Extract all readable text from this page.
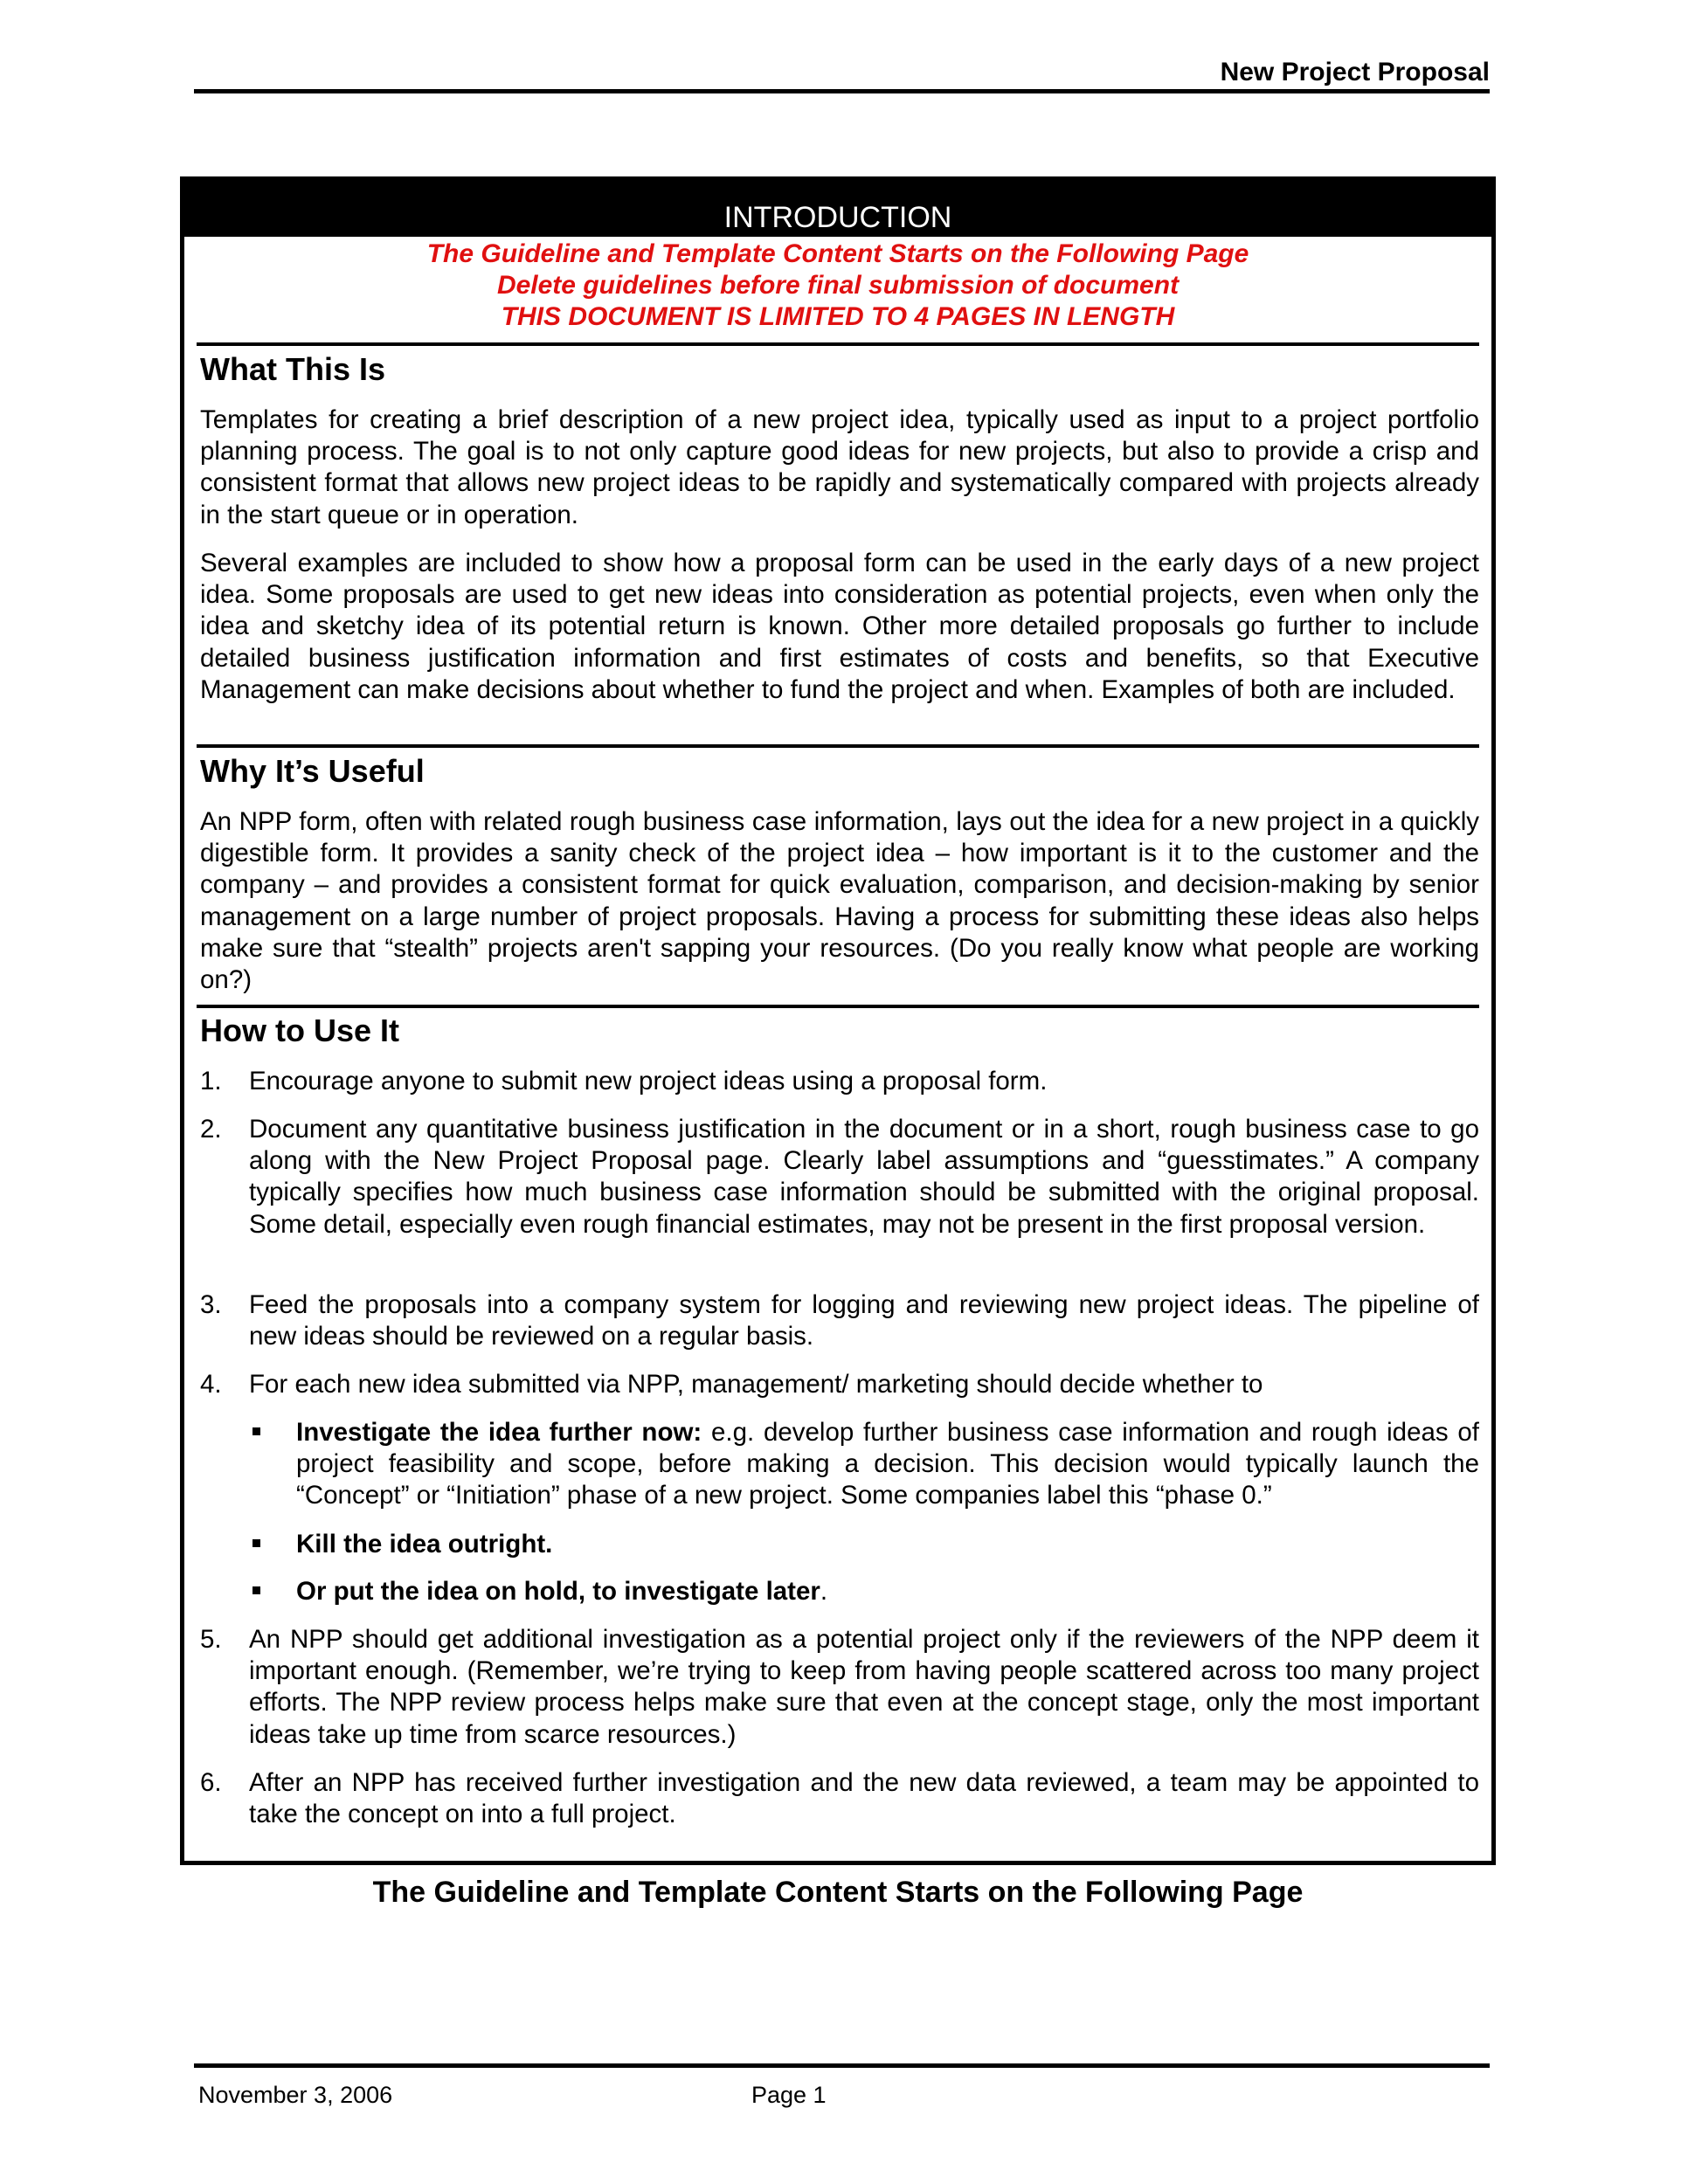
New Project Proposal
INTRODUCTION
The Guideline and Template Content Starts on the Following Page
Delete guidelines before final submission of document
THIS DOCUMENT IS LIMITED TO 4 PAGES IN LENGTH
What This Is

Templates for creating a brief description of a new project idea, typically used as input to a project portfolio planning process. The goal is to not only capture good ideas for new projects, but also to provide a crisp and consistent format that allows new project ideas to be rapidly and systematically compared with projects already in the start queue or in operation.

Several examples are included to show how a proposal form can be used in the early days of a new project idea. Some proposals are used to get new ideas into consideration as potential projects, even when only the idea and sketchy idea of its potential return is known. Other more detailed proposals go further to include detailed business justification information and first estimates of costs and benefits, so that Executive Management can make decisions about whether to fund the project and when. Examples of both are included.

Why It’s Useful

An NPP form, often with related rough business case information, lays out the idea for a new project in a quickly digestible form. It provides a sanity check of the project idea – how important is it to the customer and the company – and provides a consistent format for quick evaluation, comparison, and decision-making by senior management on a large number of project proposals. Having a process for submitting these ideas also helps make sure that “stealth” projects aren't sapping your resources. (Do you really know what people are working on?)

How to Use It
1. Encourage anyone to submit new project ideas using a proposal form.

2. Document any quantitative business justification in the document or in a short, rough business case to go along with the New Project Proposal page. Clearly label assumptions and “guesstimates.” A company typically specifies how much business case information should be submitted with the original proposal. Some detail, especially even rough financial estimates, may not be present in the first proposal version.

3. Feed the proposals into a company system for logging and reviewing new project ideas. The pipeline of new ideas should be reviewed on a regular basis.

4. For each new idea submitted via NPP, management/ marketing should decide whether to

Investigate the idea further now: e.g. develop further business case information and rough ideas of project feasibility and scope, before making a decision. This decision would typically launch the “Concept” or “Initiation” phase of a new project. Some companies label this “phase 0.”

Kill the idea outright.

Or put the idea on hold, to investigate later.

5. An NPP should get additional investigation as a potential project only if the reviewers of the NPP deem it important enough. (Remember, we’re trying to keep from having people scattered across too many project efforts. The NPP review process helps make sure that even at the concept stage, only the most important ideas take up time from scarce resources.)

6. After an NPP has received further investigation and the new data reviewed, a team may be appointed to take the concept on into a full project.

The Guideline and Template Content Starts on the Following Page
November 3, 2006	Page 1
